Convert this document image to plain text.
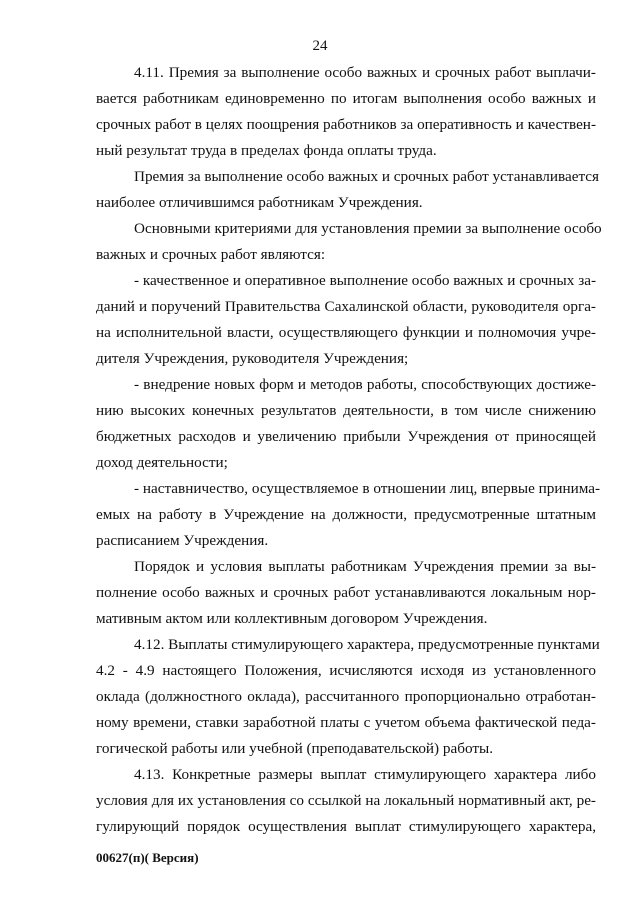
24
4.11. Премия за выполнение особо важных и срочных работ выплачи-
вается работникам единовременно по итогам выполнения особо важных и
срочных работ в целях поощрения работников за оперативность и качествен-
ный результат труда в пределах фонда оплаты труда.
Премия за выполнение особо важных и срочных работ устанавливается
наиболее отличившимся работникам Учреждения.
Основными критериями для установления премии за выполнение особо
важных и срочных работ являются:
- качественное и оперативное выполнение особо важных и срочных за-
даний и поручений Правительства Сахалинской области, руководителя орга-
на исполнительной власти, осуществляющего функции и полномочия учре-
дителя Учреждения, руководителя Учреждения;
- внедрение новых форм и методов работы, способствующих достиже-
нию высоких конечных результатов деятельности, в том числе снижению
бюджетных расходов и увеличению прибыли Учреждения от приносящей
доход деятельности;
- наставничество, осуществляемое в отношении лиц, впервые принима-
емых на работу в Учреждение на должности, предусмотренные штатным
расписанием Учреждения.
Порядок и условия выплаты работникам Учреждения премии за вы-
полнение особо важных и срочных работ устанавливаются локальным нор-
мативным актом или коллективным договором Учреждения.
4.12. Выплаты стимулирующего характера, предусмотренные пунктами
4.2 - 4.9 настоящего Положения, исчисляются исходя из установленного
оклада (должностного оклада), рассчитанного пропорционально отработан-
ному времени, ставки заработной платы с учетом объема фактической педа-
гогической работы или учебной (преподавательской) работы.
4.13. Конкретные размеры выплат стимулирующего характера либо
условия для их установления со ссылкой на локальный нормативный акт, ре-
гулирующий порядок осуществления выплат стимулирующего характера,
00627(п)( Версия)
